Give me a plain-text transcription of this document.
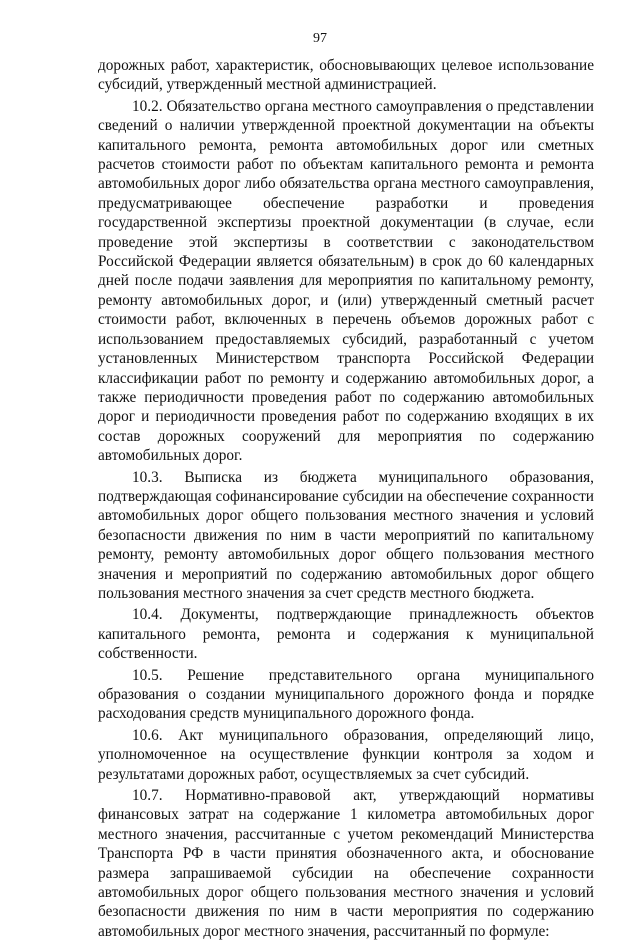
97

дорожных работ, характеристик, обосновывающих целевое использование субсидий, утвержденный местной администрацией.

10.2. Обязательство органа местного самоуправления о представлении сведений о наличии утвержденной проектной документации на объекты капитального ремонта, ремонта автомобильных дорог или сметных расчетов стоимости работ по объектам капитального ремонта и ремонта автомобильных дорог либо обязательства органа местного самоуправления, предусматривающее обеспечение разработки и проведения государственной экспертизы проектной документации (в случае, если проведение этой экспертизы в соответствии с законодательством Российской Федерации является обязательным) в срок до 60 календарных дней после подачи заявления для мероприятия по капитальному ремонту, ремонту автомобильных дорог, и (или) утвержденный сметный расчет стоимости работ, включенных в перечень объемов дорожных работ с использованием предоставляемых субсидий, разработанный с учетом установленных Министерством транспорта Российской Федерации классификации работ по ремонту и содержанию автомобильных дорог, а также периодичности проведения работ по содержанию автомобильных дорог и периодичности проведения работ по содержанию входящих в их состав дорожных сооружений для мероприятия по содержанию автомобильных дорог.

10.3. Выписка из бюджета муниципального образования, подтверждающая софинансирование субсидии на обеспечение сохранности автомобильных дорог общего пользования местного значения и условий безопасности движения по ним в части мероприятий по капитальному ремонту, ремонту автомобильных дорог общего пользования местного значения и мероприятий по содержанию автомобильных дорог общего пользования местного значения за счет средств местного бюджета.

10.4. Документы, подтверждающие принадлежность объектов капитального ремонта, ремонта и содержания к муниципальной собственности.

10.5. Решение представительного органа муниципального образования о создании муниципального дорожного фонда и порядке расходования средств муниципального дорожного фонда.

10.6. Акт муниципального образования, определяющий лицо, уполномоченное на осуществление функции контроля за ходом и результатами дорожных работ, осуществляемых за счет субсидий.

10.7. Нормативно-правовой акт, утверждающий нормативы финансовых затрат на содержание 1 километра автомобильных дорог местного значения, рассчитанные с учетом рекомендаций Министерства Транспорта РФ в части принятия обозначенного акта, и обоснование размера запрашиваемой субсидии на обеспечение сохранности автомобильных дорог общего пользования местного значения и условий безопасности движения по ним в части мероприятия по содержанию автомобильных дорог местного значения, рассчитанный по формуле:
